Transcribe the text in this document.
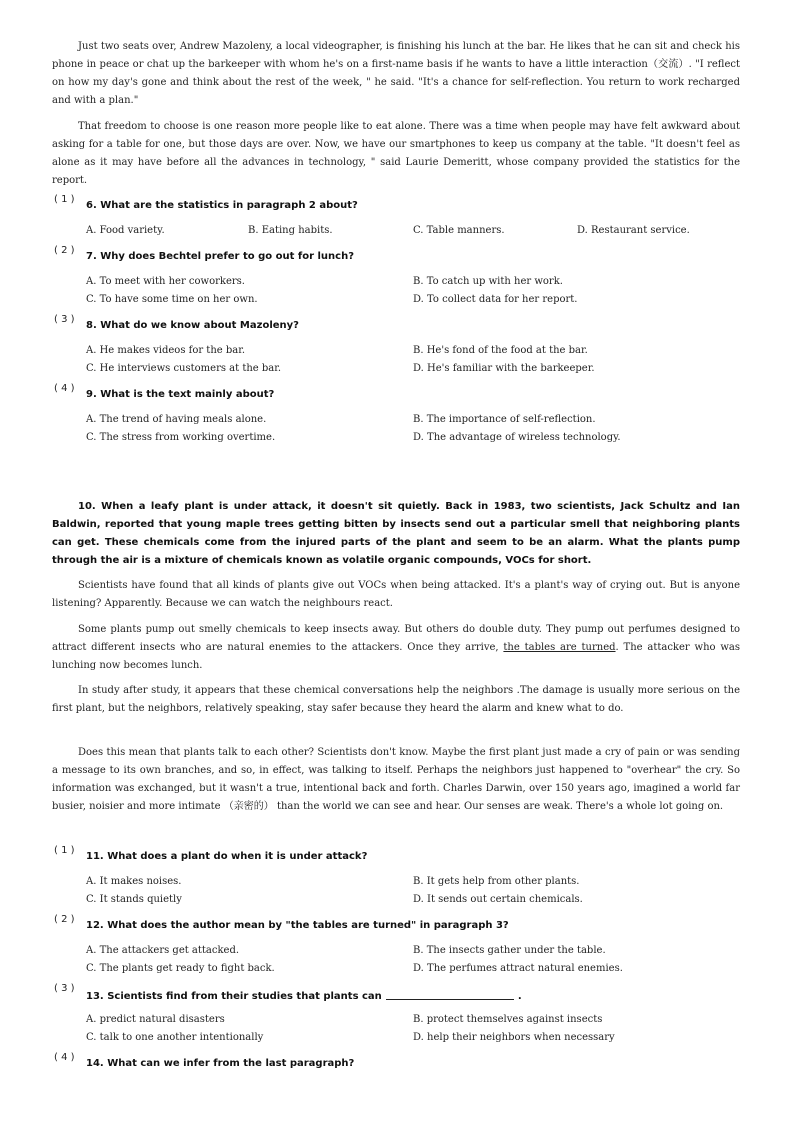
Just two seats over, Andrew Mazoleny, a local videographer, is finishing his lunch at the bar. He likes that he can sit and check his phone in peace or chat up the barkeeper with whom he's on a first-name basis if he wants to have a little interaction（交流）. "I reflect on how my day's gone and think about the rest of the week, " he said. "It's a chance for self-reflection. You return to work recharged and with a plan."

That freedom to choose is one reason more people like to eat alone. There was a time when people may have felt awkward about asking for a table for one, but those days are over. Now, we have our smartphones to keep us company at the table. "It doesn't feel as alone as it may have before all the advances in technology, " said Laurie Demeritt, whose company provided the statistics for the report.

( 1 )
6. What are the statistics in paragraph 2 about?
A. Food variety.	B. Eating habits.	C. Table manners.	D. Restaurant service.
( 2 )
7. Why does Bechtel prefer to go out for lunch?
A. To meet with her coworkers.	B. To catch up with her work.
C. To have some time on her own.	D. To collect data for her report.
( 3 )
8. What do we know about Mazoleny?
A. He makes videos for the bar.	B. He's fond of the food at the bar.
C. He interviews customers at the bar.	D. He's familiar with the barkeeper.
( 4 )
9. What is the text mainly about?
A. The trend of having meals alone.	B. The importance of self-reflection.
C. The stress from working overtime.	D. The advantage of wireless technology.

10. When a leafy plant is under attack, it doesn't sit quietly. Back in 1983, two scientists, Jack Schultz and Ian Baldwin, reported that young maple trees getting bitten by insects send out a particular smell that neighboring plants can get. These chemicals come from the injured parts of the plant and seem to be an alarm. What the plants pump through the air is a mixture of chemicals known as volatile organic compounds, VOCs for short.

Scientists have found that all kinds of plants give out VOCs when being attacked. It's a plant's way of crying out. But is anyone listening? Apparently. Because we can watch the neighbours react.

Some plants pump out smelly chemicals to keep insects away. But others do double duty. They pump out perfumes designed to attract different insects who are natural enemies to the attackers. Once they arrive, the tables are turned. The attacker who was lunching now becomes lunch.

In study after study, it appears that these chemical conversations help the neighbors .The damage is usually more serious on the first plant, but the neighbors, relatively speaking, stay safer because they heard the alarm and knew what to do.

Does this mean that plants talk to each other? Scientists don't know. Maybe the first plant just made a cry of pain or was sending a message to its own branches, and so, in effect, was talking to itself. Perhaps the neighbors just happened to "overhear" the cry. So information was exchanged, but it wasn't a true, intentional back and forth. Charles Darwin, over 150 years ago, imagined a world far busier, noisier and more intimate （亲密的） than the world we can see and hear. Our senses are weak. There's a whole lot going on.

( 1 )
11. What does a plant do when it is under attack?
A. It makes noises.	B. It gets help from other plants.
C. It stands quietly	D. It sends out certain chemicals.
( 2 )
12. What does the author mean by "the tables are turned" in paragraph 3?
A. The attackers get attacked.	B. The insects gather under the table.
C. The plants get ready to fight back.	D. The perfumes attract natural enemies.
( 3 )
13. Scientists find from their studies that plants can	.
A. predict natural disasters	B. protect themselves against insects
C. talk to one another intentionally	D. help their neighbors when necessary
( 4 )
14. What can we infer from the last paragraph?
